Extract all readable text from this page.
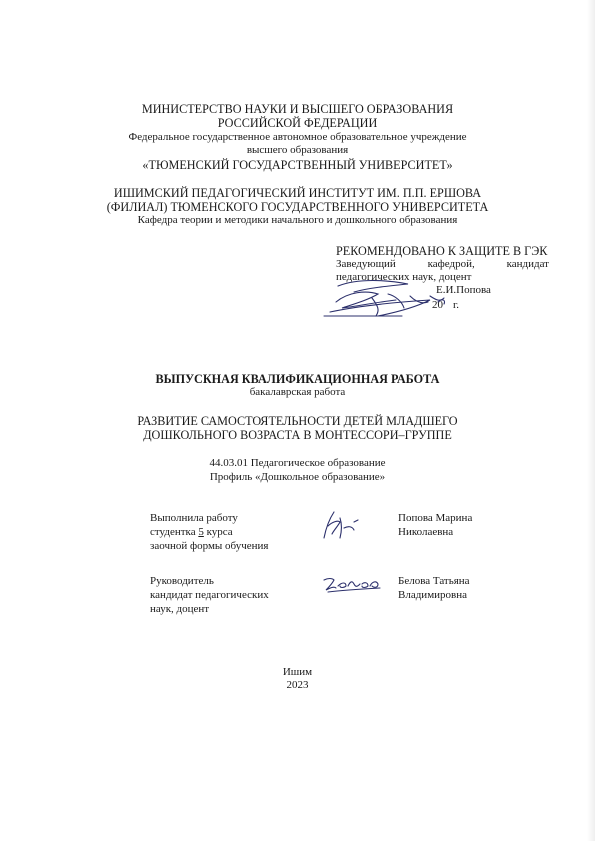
МИНИСТЕРСТВО НАУКИ И ВЫСШЕГО ОБРАЗОВАНИЯ
РОССИЙСКОЙ ФЕДЕРАЦИИ
Федеральное государственное автономное образовательное учреждение
высшего образования
«ТЮМЕНСКИЙ ГОСУДАРСТВЕННЫЙ УНИВЕРСИТЕТ»
ИШИМСКИЙ ПЕДАГОГИЧЕСКИЙ ИНСТИТУТ ИМ. П.П. ЕРШОВА
(ФИЛИАЛ) ТЮМЕНСКОГО ГОСУДАРСТВЕННОГО УНИВЕРСИТЕТА
Кафедра теории и методики начального и дошкольного образования
РЕКОМЕНДОВАНО К ЗАЩИТЕ В ГЭК
Заведующий	кафедрой,	кандидат
педагогических наук, доцент
Е.И.Попова
20 г.
ВЫПУСКНАЯ КВАЛИФИКАЦИОННАЯ РАБОТА
бакалаврская работа
РАЗВИТИЕ САМОСТОЯТЕЛЬНОСТИ ДЕТЕЙ МЛАДШЕГО
ДОШКОЛЬНОГО ВОЗРАСТА В МОНТЕССОРИ–ГРУППЕ
44.03.01 Педагогическое образование
Профиль «Дошкольное образование»
Выполнила работу
студентка 5 курса
заочной формы обучения
Попова Марина
Николаевна
Руководитель
кандидат педагогических
наук, доцент
Белова Татьяна
Владимировна
Ишим
2023
